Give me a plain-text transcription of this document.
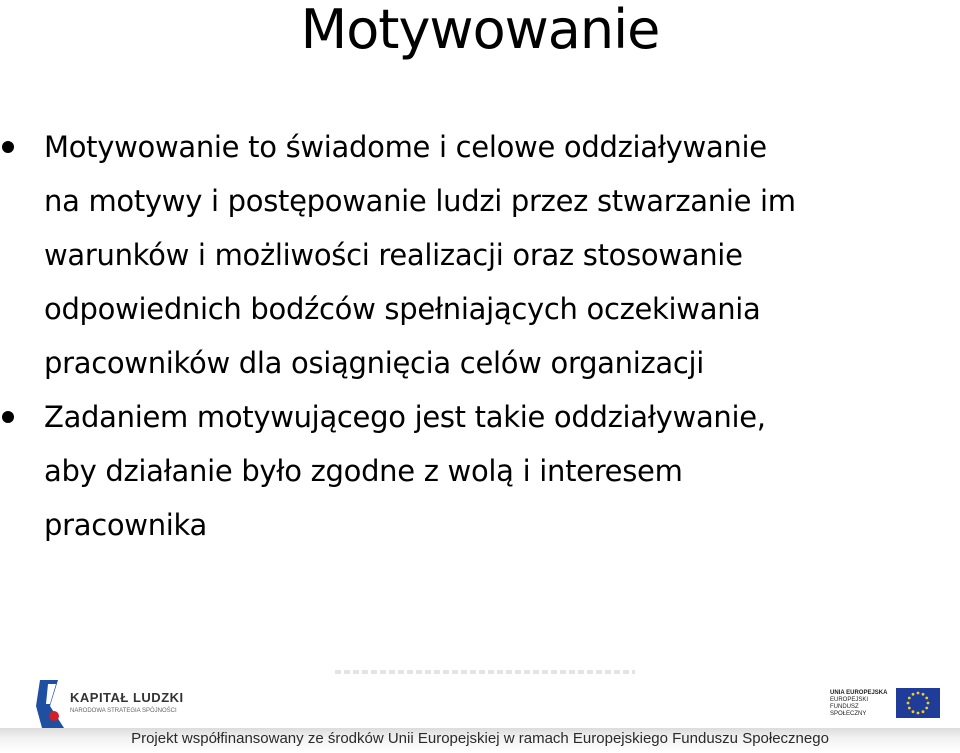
Motywowanie
Motywowanie to świadome i celowe oddziaływanie
na motywy i postępowanie ludzi przez stwarzanie im
warunków i możliwości realizacji oraz stosowanie
odpowiednich bodźców spełniających oczekiwania
pracowników dla osiągnięcia celów organizacji
Zadaniem motywującego jest takie oddziaływanie,
aby działanie było zgodne z wolą i interesem
pracownika
KAPITAŁ LUDZKI
NARODOWA STRATEGIA SPÓJNOŚCI
UNIA EUROPEJSKA
EUROPEJSKI
FUNDUSZ SPOŁECZNY
Projekt współfinansowany ze środków Unii Europejskiej w ramach Europejskiego Funduszu Społecznego
